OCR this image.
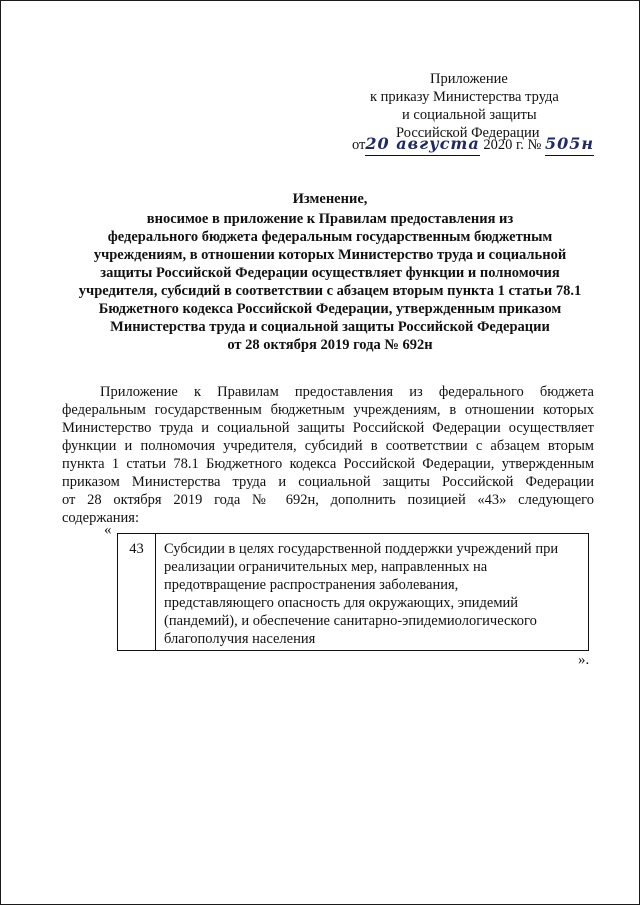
Приложение
к приказу Министерства труда
и социальной защиты
Российской Федерации
от20 августа 2020 г. № 505н
Изменение,
вносимое в приложение к Правилам предоставления из
федерального бюджета федеральным государственным бюджетным
учреждениям, в отношении которых Министерство труда и социальной
защиты Российской Федерации осуществляет функции и полномочия
учредителя, субсидий в соответствии с абзацем вторым пункта 1 статьи 78.1
Бюджетного кодекса Российской Федерации, утвержденным приказом
Министерства труда и социальной защиты Российской Федерации
от 28 октября 2019 года № 692н
Приложение к Правилам предоставления из федерального бюджета
федеральным государственным бюджетным учреждениям, в отношении которых
Министерство труда и социальной защиты Российской Федерации осуществляет
функции и полномочия учредителя, субсидий в соответствии с абзацем вторым
пункта 1 статьи 78.1 Бюджетного кодекса Российской Федерации, утвержденным
приказом Министерства труда и социальной защиты Российской Федерации
от 28 октября 2019 года № 692н, дополнить позицией «43» следующего
содержания:
«
43	Субсидии в целях государственной поддержки учреждений при
реализации ограничительных мер, направленных на
предотвращение распространения заболевания,
представляющего опасность для окружающих, эпидемий
(пандемий), и обеспечение санитарно-эпидемиологического
благополучия населения
».
